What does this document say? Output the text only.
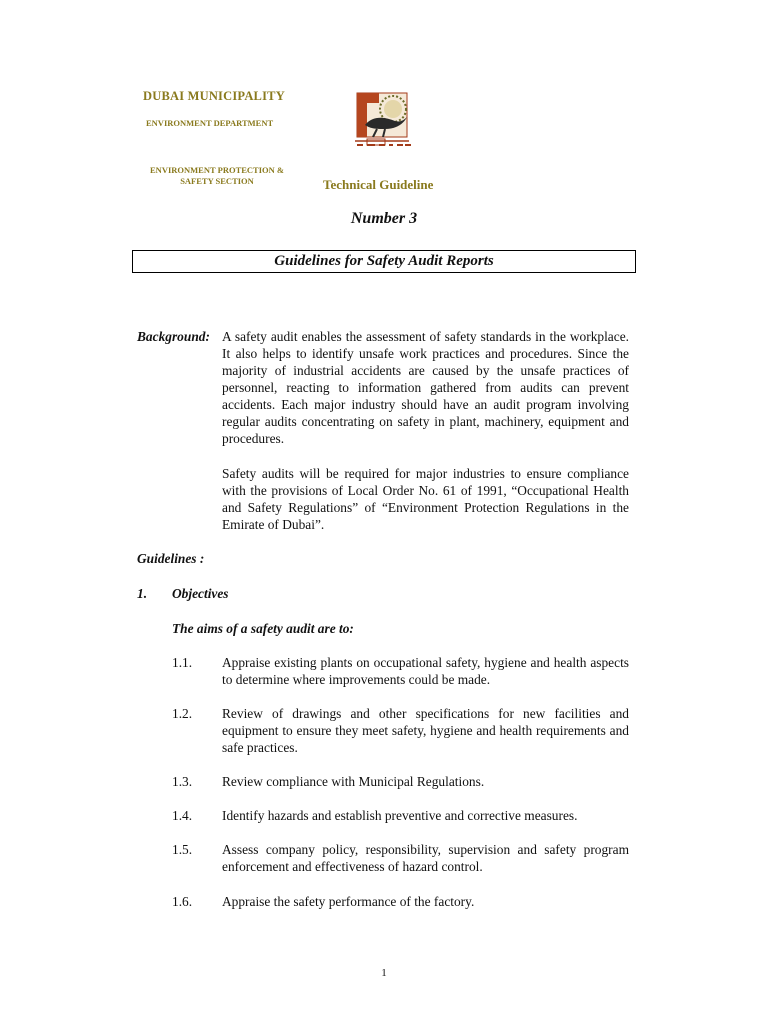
DUBAI MUNICIPALITY
ENVIRONMENT DEPARTMENT
ENVIRONMENT PROTECTION &
SAFETY SECTION	Technical Guideline
Number 3
Guidelines for Safety Audit Reports
Background: A safety audit enables the assessment of safety standards in the workplace. It also helps to identify unsafe work practices and procedures. Since the majority of industrial accidents are caused by the unsafe practices of personnel, reacting to information gathered from audits can prevent accidents. Each major industry should have an audit program involving regular audits concentrating on safety in plant, machinery, equipment and procedures.
Safety audits will be required for major industries to ensure compliance with the provisions of Local Order No. 61 of 1991, “Occupational Health and Safety Regulations” of “Environment Protection Regulations in the Emirate of Dubai”.
Guidelines :
1. Objectives
The aims of a safety audit are to:
1.1. Appraise existing plants on occupational safety, hygiene and health aspects to determine where improvements could be made.
1.2. Review of drawings and other specifications for new facilities and equipment to ensure they meet safety, hygiene and health requirements and safe practices.
1.3. Review compliance with Municipal Regulations.
1.4. Identify hazards and establish preventive and corrective measures.
1.5. Assess company policy, responsibility, supervision and safety program enforcement and effectiveness of hazard control.
1.6. Appraise the safety performance of the factory.
1
